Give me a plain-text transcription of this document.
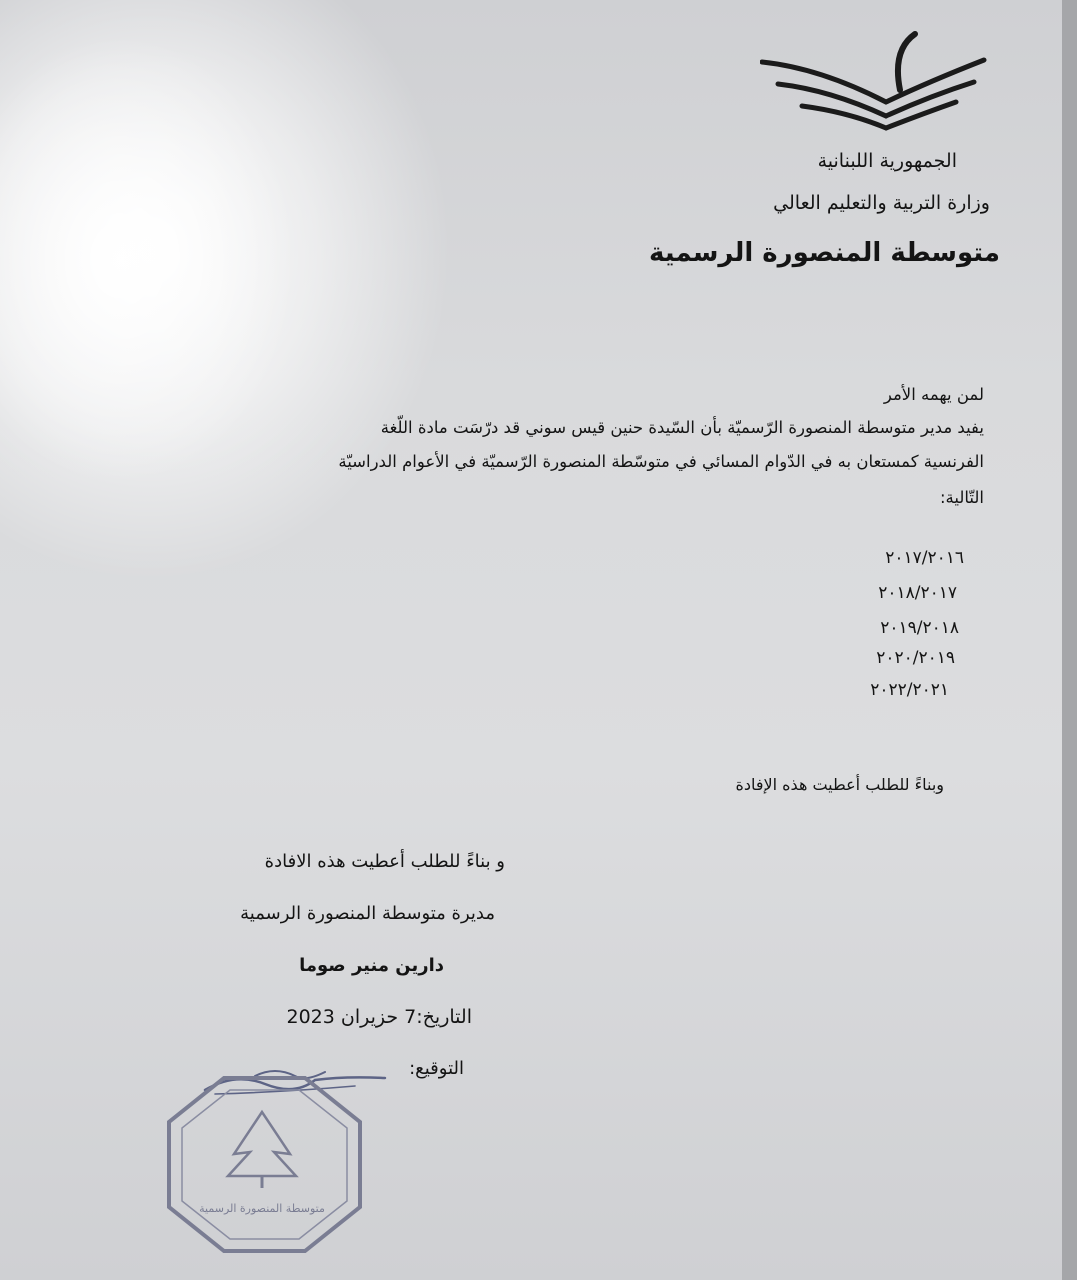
الجمهورية اللبنانية
وزارة التربية والتعليم العالي
متوسطة المنصورة الرسمية
لمن يهمه الأمر
يفيد مدير متوسطة المنصورة الرّسميّة بأن السّيدة حنين قيس سوني قد درّسَت مادة اللّغة
الفرنسية كمستعان به في الدّوام المسائي في متوسّطة المنصورة الرّسميّة في الأعوام الدراسيّة
التّالية:
٢٠١٧/٢٠١٦
٢٠١٨/٢٠١٧
٢٠١٩/٢٠١٨
٢٠٢٠/٢٠١٩
٢٠٢٢/٢٠٢١
وبناءً للطلب أعطيت هذه الإفادة
و بناءً للطلب أعطيت هذه الافادة
مديرة متوسطة المنصورة الرسمية
دارين منير صوما
التاريخ:7 حزيران 2023
التوقيع:
متوسطة المنصورة الرسمية
